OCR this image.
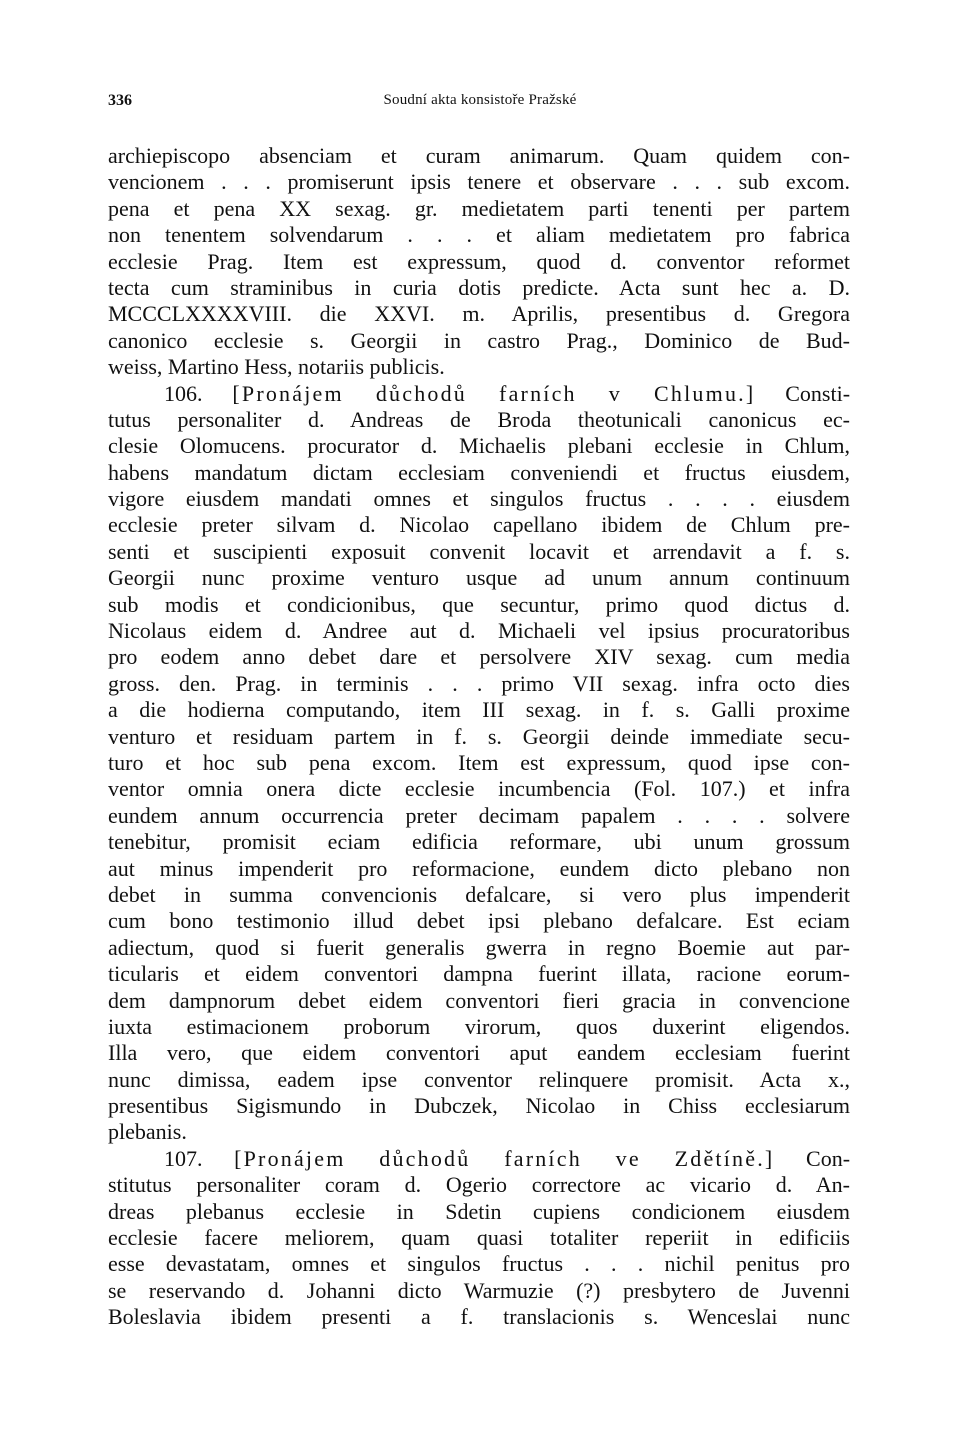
336	Soudní akta konsistoře Pražské
archiepiscopo absenciam et curam animarum. Quam quidem con-
vencionem . . . promiserunt ipsis tenere et observare . . . sub excom.
pena et pena XX sexag. gr. medietatem parti tenenti per partem
non tenentem solvendarum . . . et aliam medietatem pro fabrica
ecclesie Prag. Item est expressum, quod d. conventor reformet
tecta cum straminibus in curia dotis predicte. Acta sunt hec a. D.
MCCCLXXXXVIII. die XXVI. m. Aprilis, presentibus d. Gregora
canonico ecclesie s. Georgii in castro Prag., Dominico de Bud-
weiss, Martino Hess, notariis publicis.
106. [Pronájem důchodů farních v Chlumu.] Consti-
tutus personaliter d. Andreas de Broda theotunicali canonicus ec-
clesie Olomucens. procurator d. Michaelis plebani ecclesie in Chlum,
habens mandatum dictam ecclesiam conveniendi et fructus eiusdem,
vigore eiusdem mandati omnes et singulos fructus . . . . eiusdem
ecclesie preter silvam d. Nicolao capellano ibidem de Chlum pre-
senti et suscipienti exposuit convenit locavit et arrendavit a f. s.
Georgii nunc proxime venturo usque ad unum annum continuum
sub modis et condicionibus, que secuntur, primo quod dictus d.
Nicolaus eidem d. Andree aut d. Michaeli vel ipsius procuratoribus
pro eodem anno debet dare et persolvere XIV sexag. cum media
gross. den. Prag. in terminis . . . primo VII sexag. infra octo dies
a die hodierna computando, item III sexag. in f. s. Galli proxime
venturo et residuam partem in f. s. Georgii deinde immediate secu-
turo et hoc sub pena excom. Item est expressum, quod ipse con-
ventor omnia onera dicte ecclesie incumbencia (Fol. 107.) et infra
eundem annum occurrencia preter decimam papalem . . . . solvere
tenebitur, promisit eciam edificia reformare, ubi unum grossum
aut minus impenderit pro reformacione, eundem dicto plebano non
debet in summa convencionis defalcare, si vero plus impenderit
cum bono testimonio illud debet ipsi plebano defalcare. Est eciam
adiectum, quod si fuerit generalis gwerra in regno Boemie aut par-
ticularis et eidem conventori dampna fuerint illata, racione eorum-
dem dampnorum debet eidem conventori fieri gracia in convencione
iuxta estimacionem proborum virorum, quos duxerint eligendos.
Illa vero, que eidem conventori aput eandem ecclesiam fuerint
nunc dimissa, eadem ipse conventor relinquere promisit. Acta x.,
presentibus Sigismundo in Dubczek, Nicolao in Chiss ecclesiarum
plebanis.
107. [Pronájem důchodů farních ve Zdětíně.] Con-
stitutus personaliter coram d. Ogerio correctore ac vicario d. An-
dreas plebanus ecclesie in Sdetin cupiens condicionem eiusdem
ecclesie facere meliorem, quam quasi totaliter reperiit in edificiis
esse devastatam, omnes et singulos fructus . . . nichil penitus pro
se reservando d. Johanni dicto Warmuzie (?) presbytero de Juvenni
Boleslavia ibidem presenti a f. translacionis s. Wenceslai nunc
